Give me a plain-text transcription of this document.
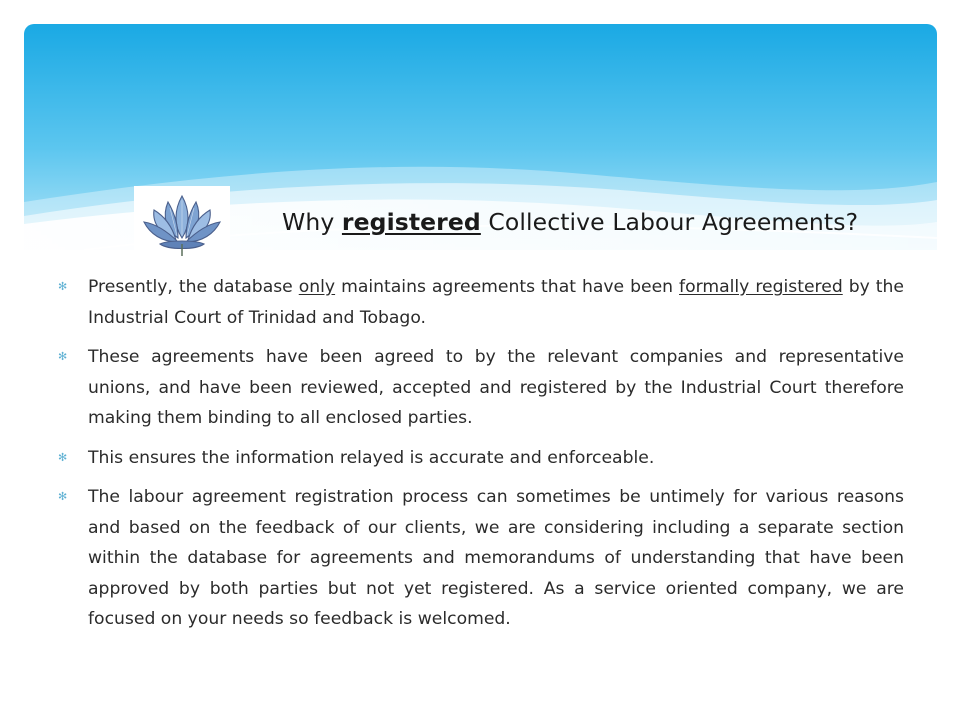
Why registered Collective Labour Agreements?
✻ Presently, the database only maintains agreements that have been formally registered by the Industrial Court of Trinidad and Tobago.
✻ These agreements have been agreed to by the relevant companies and representative unions, and have been reviewed, accepted and registered by the Industrial Court therefore making them binding to all enclosed parties.
✻ This ensures the information relayed is accurate and enforceable.
✻ The labour agreement registration process can sometimes be untimely for various reasons and based on the feedback of our clients, we are considering including a separate section within the database for agreements and memorandums of understanding that have been approved by both parties but not yet registered. As a service oriented company, we are focused on your needs so feedback is welcomed.
